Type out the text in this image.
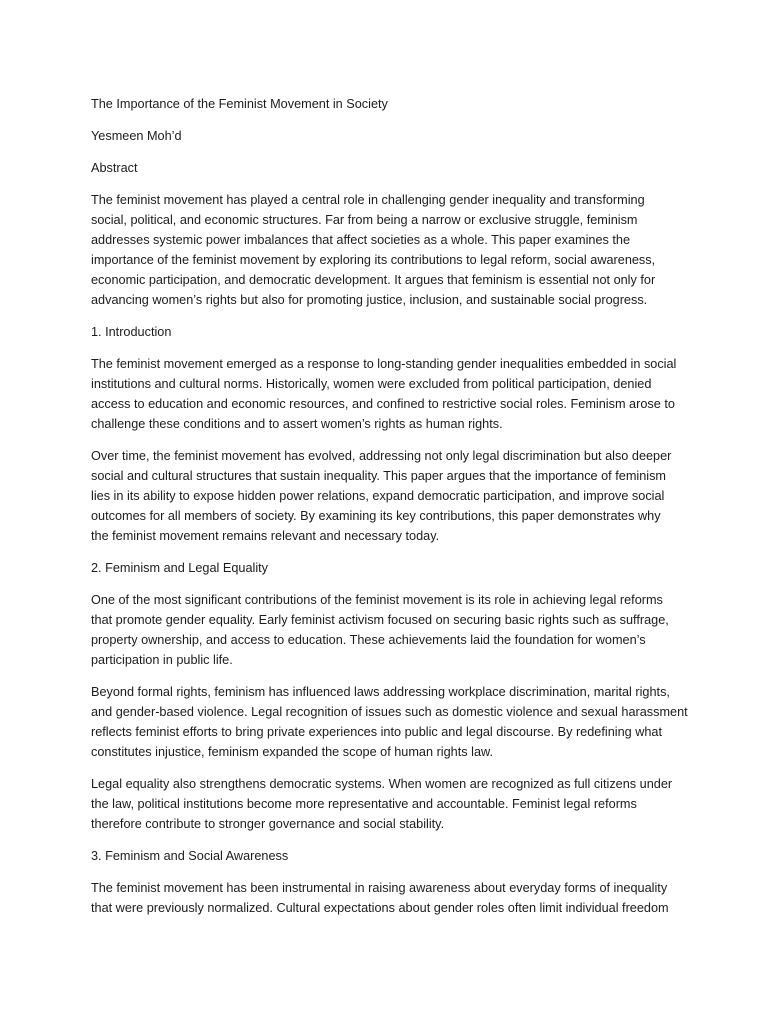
The Importance of the Feminist Movement in Society

Yesmeen Moh’d

Abstract

The feminist movement has played a central role in challenging gender inequality and transforming
social, political, and economic structures. Far from being a narrow or exclusive struggle, feminism
addresses systemic power imbalances that affect societies as a whole. This paper examines the
importance of the feminist movement by exploring its contributions to legal reform, social awareness,
economic participation, and democratic development. It argues that feminism is essential not only for
advancing women’s rights but also for promoting justice, inclusion, and sustainable social progress.

1. Introduction

The feminist movement emerged as a response to long-standing gender inequalities embedded in social
institutions and cultural norms. Historically, women were excluded from political participation, denied
access to education and economic resources, and confined to restrictive social roles. Feminism arose to
challenge these conditions and to assert women’s rights as human rights.
Over time, the feminist movement has evolved, addressing not only legal discrimination but also deeper
social and cultural structures that sustain inequality. This paper argues that the importance of feminism
lies in its ability to expose hidden power relations, expand democratic participation, and improve social
outcomes for all members of society. By examining its key contributions, this paper demonstrates why
the feminist movement remains relevant and necessary today.

2. Feminism and Legal Equality

One of the most significant contributions of the feminist movement is its role in achieving legal reforms
that promote gender equality. Early feminist activism focused on securing basic rights such as suffrage,
property ownership, and access to education. These achievements laid the foundation for women’s
participation in public life.
Beyond formal rights, feminism has influenced laws addressing workplace discrimination, marital rights,
and gender-based violence. Legal recognition of issues such as domestic violence and sexual harassment
reflects feminist efforts to bring private experiences into public and legal discourse. By redefining what
constitutes injustice, feminism expanded the scope of human rights law.
Legal equality also strengthens democratic systems. When women are recognized as full citizens under
the law, political institutions become more representative and accountable. Feminist legal reforms
therefore contribute to stronger governance and social stability.

3. Feminism and Social Awareness

The feminist movement has been instrumental in raising awareness about everyday forms of inequality
that were previously normalized. Cultural expectations about gender roles often limit individual freedom
